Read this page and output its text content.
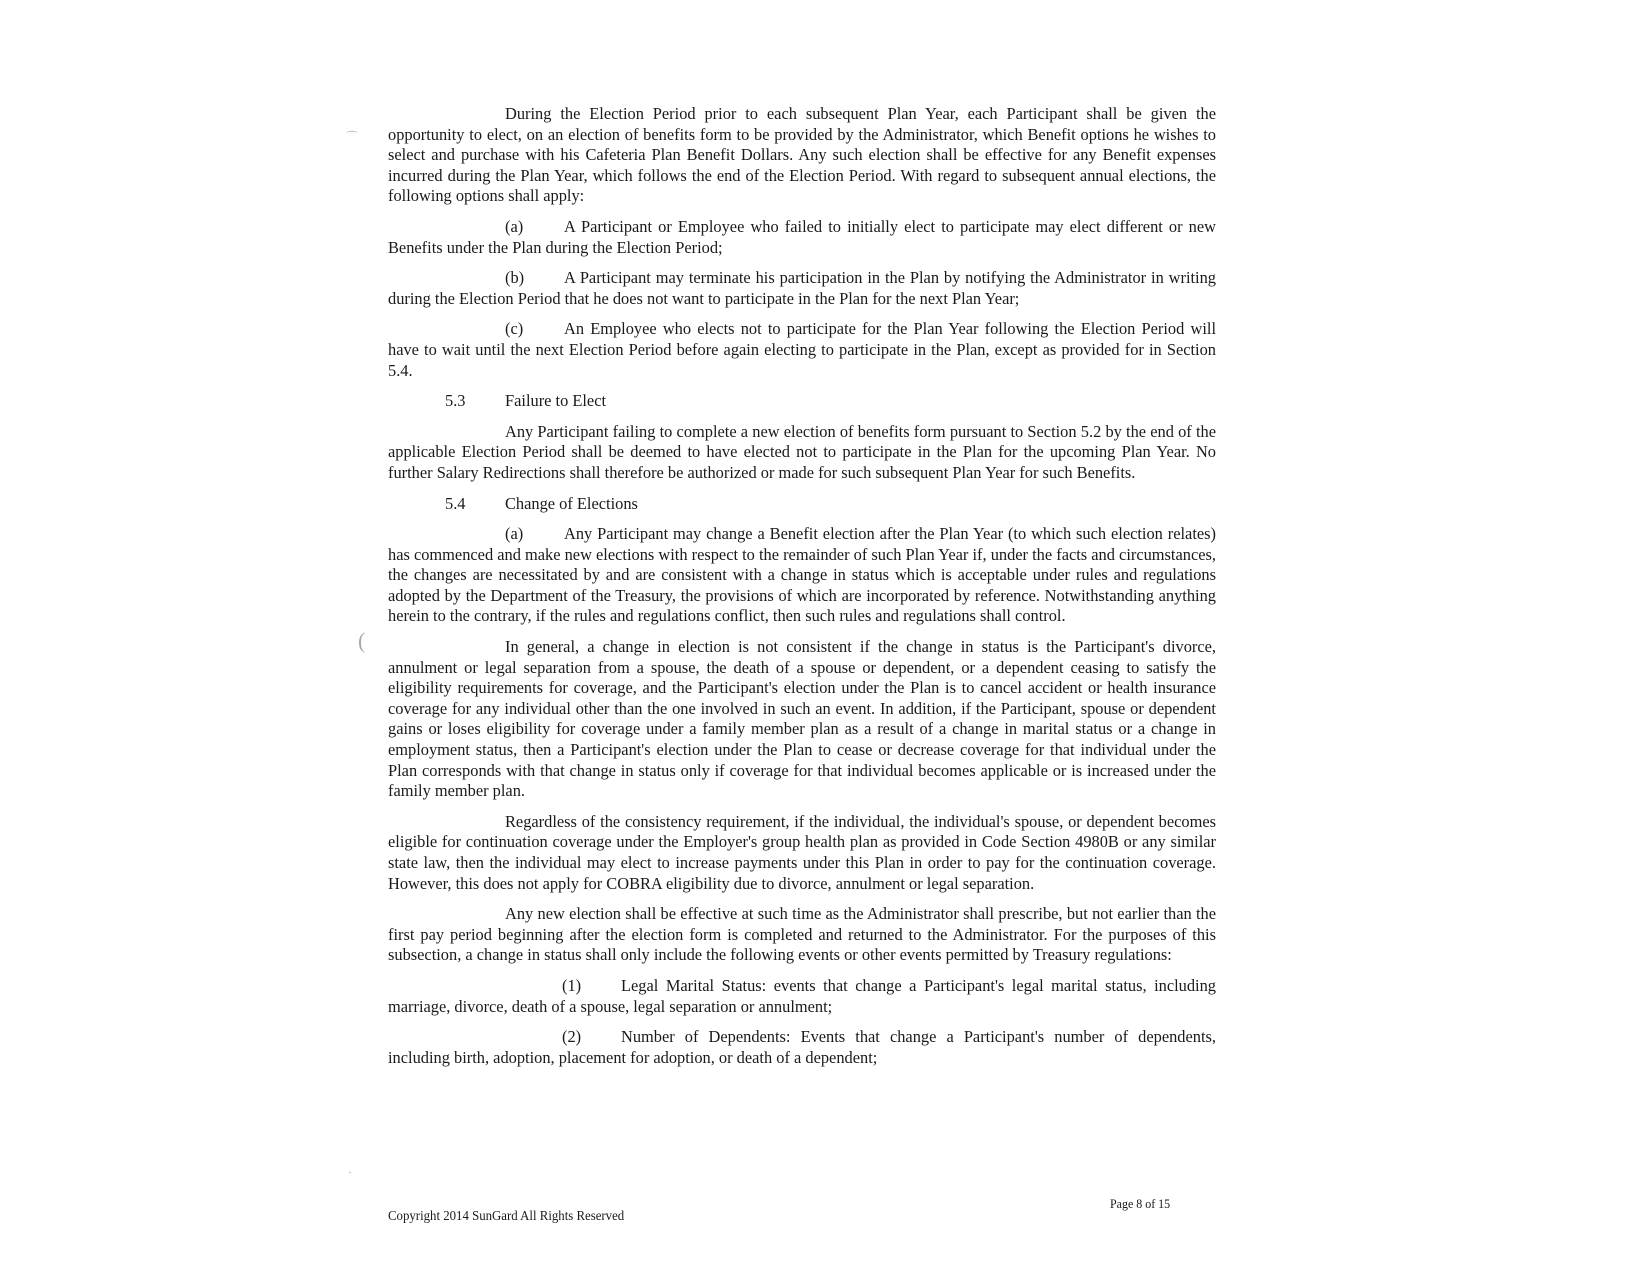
During the Election Period prior to each subsequent Plan Year, each Participant shall be given the opportunity to elect, on an election of benefits form to be provided by the Administrator, which Benefit options he wishes to select and purchase with his Cafeteria Plan Benefit Dollars. Any such election shall be effective for any Benefit expenses incurred during the Plan Year, which follows the end of the Election Period. With regard to subsequent annual elections, the following options shall apply:

(a) A Participant or Employee who failed to initially elect to participate may elect different or new Benefits under the Plan during the Election Period;

(b) A Participant may terminate his participation in the Plan by notifying the Administrator in writing during the Election Period that he does not want to participate in the Plan for the next Plan Year;

(c) An Employee who elects not to participate for the Plan Year following the Election Period will have to wait until the next Election Period before again electing to participate in the Plan, except as provided for in Section 5.4.

5.3 Failure to Elect

Any Participant failing to complete a new election of benefits form pursuant to Section 5.2 by the end of the applicable Election Period shall be deemed to have elected not to participate in the Plan for the upcoming Plan Year. No further Salary Redirections shall therefore be authorized or made for such subsequent Plan Year for such Benefits.

5.4 Change of Elections

(a) Any Participant may change a Benefit election after the Plan Year (to which such election relates) has commenced and make new elections with respect to the remainder of such Plan Year if, under the facts and circumstances, the changes are necessitated by and are consistent with a change in status which is acceptable under rules and regulations adopted by the Department of the Treasury, the provisions of which are incorporated by reference. Notwithstanding anything herein to the contrary, if the rules and regulations conflict, then such rules and regulations shall control.

In general, a change in election is not consistent if the change in status is the Participant's divorce, annulment or legal separation from a spouse, the death of a spouse or dependent, or a dependent ceasing to satisfy the eligibility requirements for coverage, and the Participant's election under the Plan is to cancel accident or health insurance coverage for any individual other than the one involved in such an event. In addition, if the Participant, spouse or dependent gains or loses eligibility for coverage under a family member plan as a result of a change in marital status or a change in employment status, then a Participant's election under the Plan to cease or decrease coverage for that individual under the Plan corresponds with that change in status only if coverage for that individual becomes applicable or is increased under the family member plan.

Regardless of the consistency requirement, if the individual, the individual's spouse, or dependent becomes eligible for continuation coverage under the Employer's group health plan as provided in Code Section 4980B or any similar state law, then the individual may elect to increase payments under this Plan in order to pay for the continuation coverage. However, this does not apply for COBRA eligibility due to divorce, annulment or legal separation.

Any new election shall be effective at such time as the Administrator shall prescribe, but not earlier than the first pay period beginning after the election form is completed and returned to the Administrator. For the purposes of this subsection, a change in status shall only include the following events or other events permitted by Treasury regulations:

(1) Legal Marital Status: events that change a Participant's legal marital status, including marriage, divorce, death of a spouse, legal separation or annulment;

(2) Number of Dependents: Events that change a Participant's number of dependents, including birth, adoption, placement for adoption, or death of a dependent;

Page 8 of 15
Copyright 2014 SunGard All Rights Reserved
⌒
(
ˎ
